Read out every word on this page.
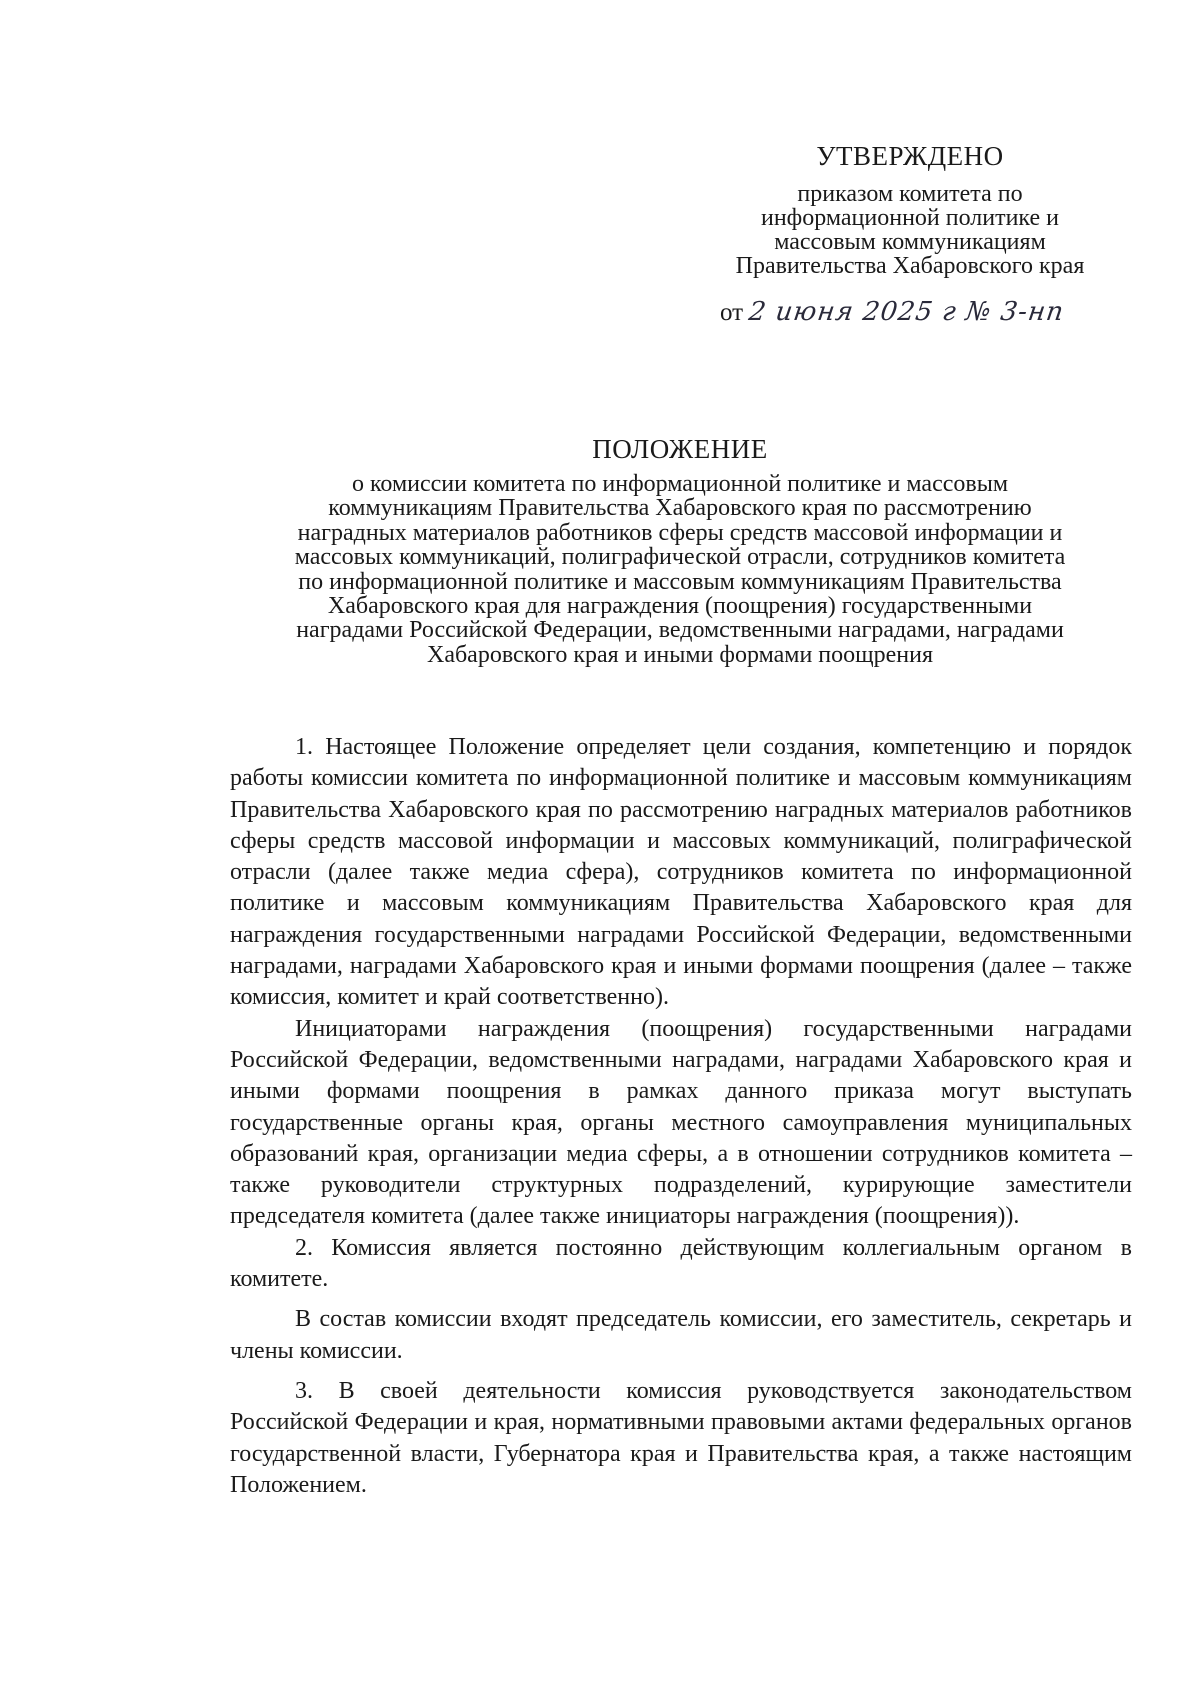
УТВЕРЖДЕНО

приказом комитета по

информационной политике и

массовым коммуникациям

Правительства Хабаровского края

от 2 июня 2025 г № 3-нп

ПОЛОЖЕНИЕ

о комиссии комитета по информационной политике и массовым

коммуникациям Правительства Хабаровского края по рассмотрению

наградных материалов работников сферы средств массовой информации и

массовых коммуникаций, полиграфической отрасли, сотрудников комитета

по информационной политике и массовым коммуникациям Правительства

Хабаровского края для награждения (поощрения) государственными

наградами Российской Федерации, ведомственными наградами, наградами

Хабаровского края и иными формами поощрения

1. Настоящее Положение определяет цели создания, компетенцию и порядок работы комиссии комитета по информационной политике и массовым коммуникациям Правительства Хабаровского края по рассмотрению наградных материалов работников сферы средств массовой информации и массовых коммуникаций, полиграфической отрасли (далее также медиа сфера), сотрудников комитета по информационной политике и массовым коммуникациям Правительства Хабаровского края для награждения государственными наградами Российской Федерации, ведомственными наградами, наградами Хабаровского края и иными формами поощрения (далее – также комиссия, комитет и край соответственно).

Инициаторами награждения (поощрения) государственными наградами Российской Федерации, ведомственными наградами, наградами Хабаровского края и иными формами поощрения в рамках данного приказа могут выступать государственные органы края, органы местного самоуправления муниципальных образований края, организации медиа сферы, а в отношении сотрудников комитета – также руководители структурных подразделений, курирующие заместители председателя комитета (далее также инициаторы награждения (поощрения)).

2. Комиссия является постоянно действующим коллегиальным органом в комитете.

В состав комиссии входят председатель комиссии, его заместитель, секретарь и члены комиссии.

3. В своей деятельности комиссия руководствуется законодательством Российской Федерации и края, нормативными правовыми актами федеральных органов государственной власти, Губернатора края и Правительства края, а также настоящим Положением.
